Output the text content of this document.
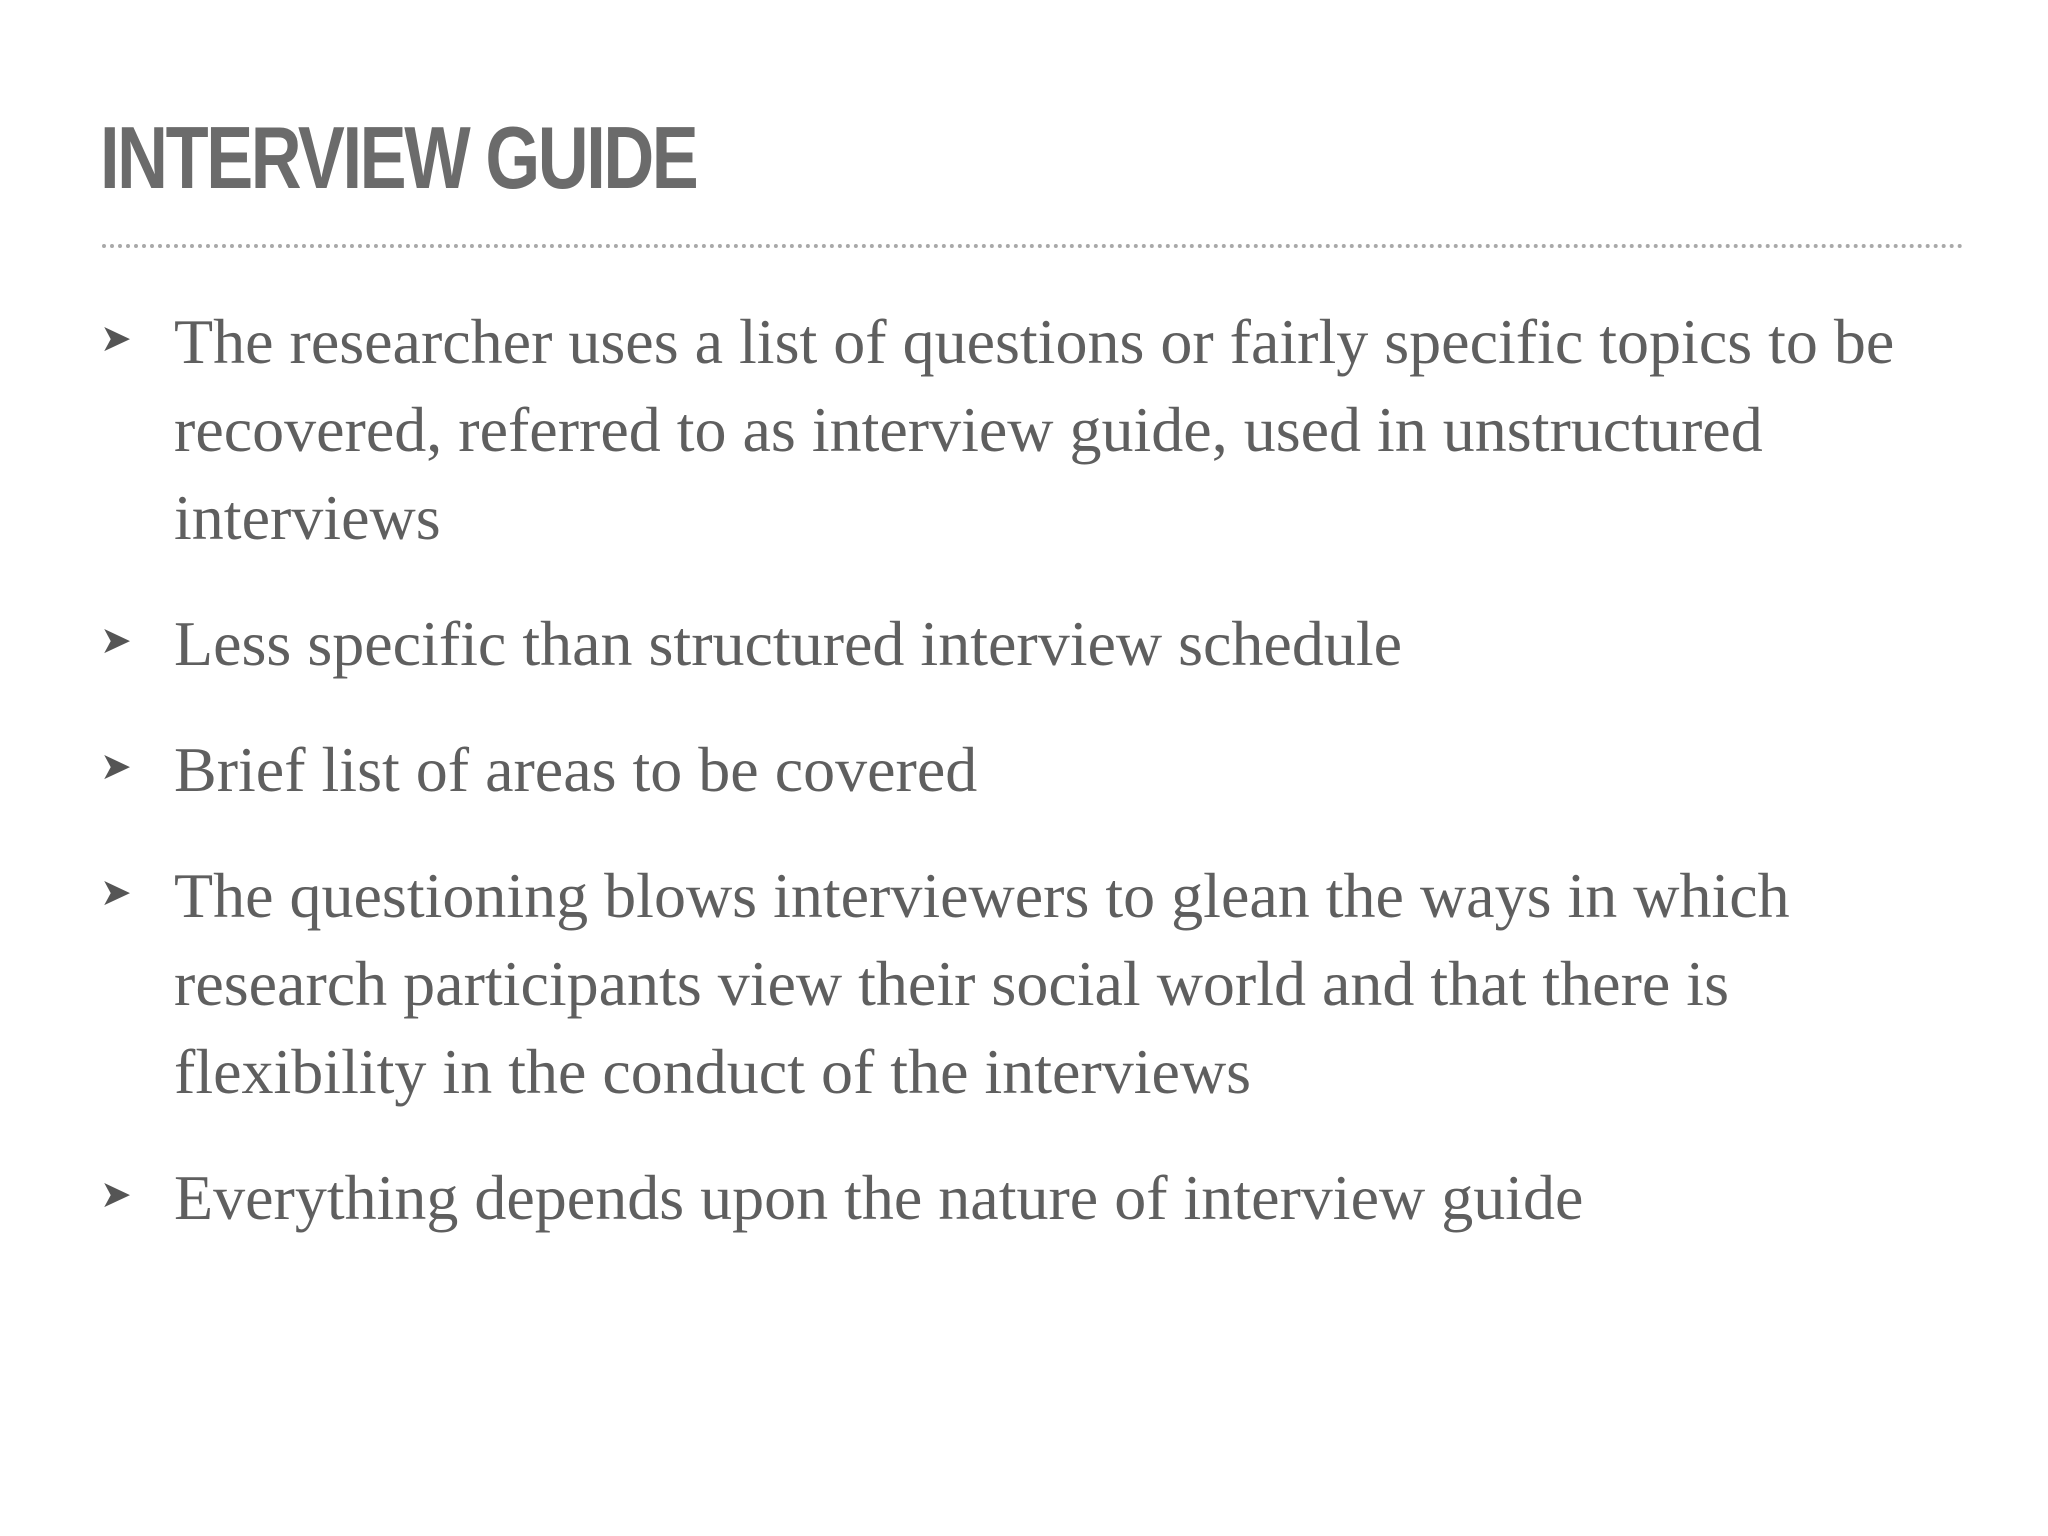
INTERVIEW GUIDE
➤ The researcher uses a list of questions or fairly specific topics to be recovered, referred to as interview guide, used in unstructured interviews
➤ Less specific than structured interview schedule
➤ Brief list of areas to be covered
➤ The questioning blows interviewers to glean the ways in which research participants view their social world and that there is flexibility in the conduct of the interviews
➤ Everything depends upon the nature of interview guide
